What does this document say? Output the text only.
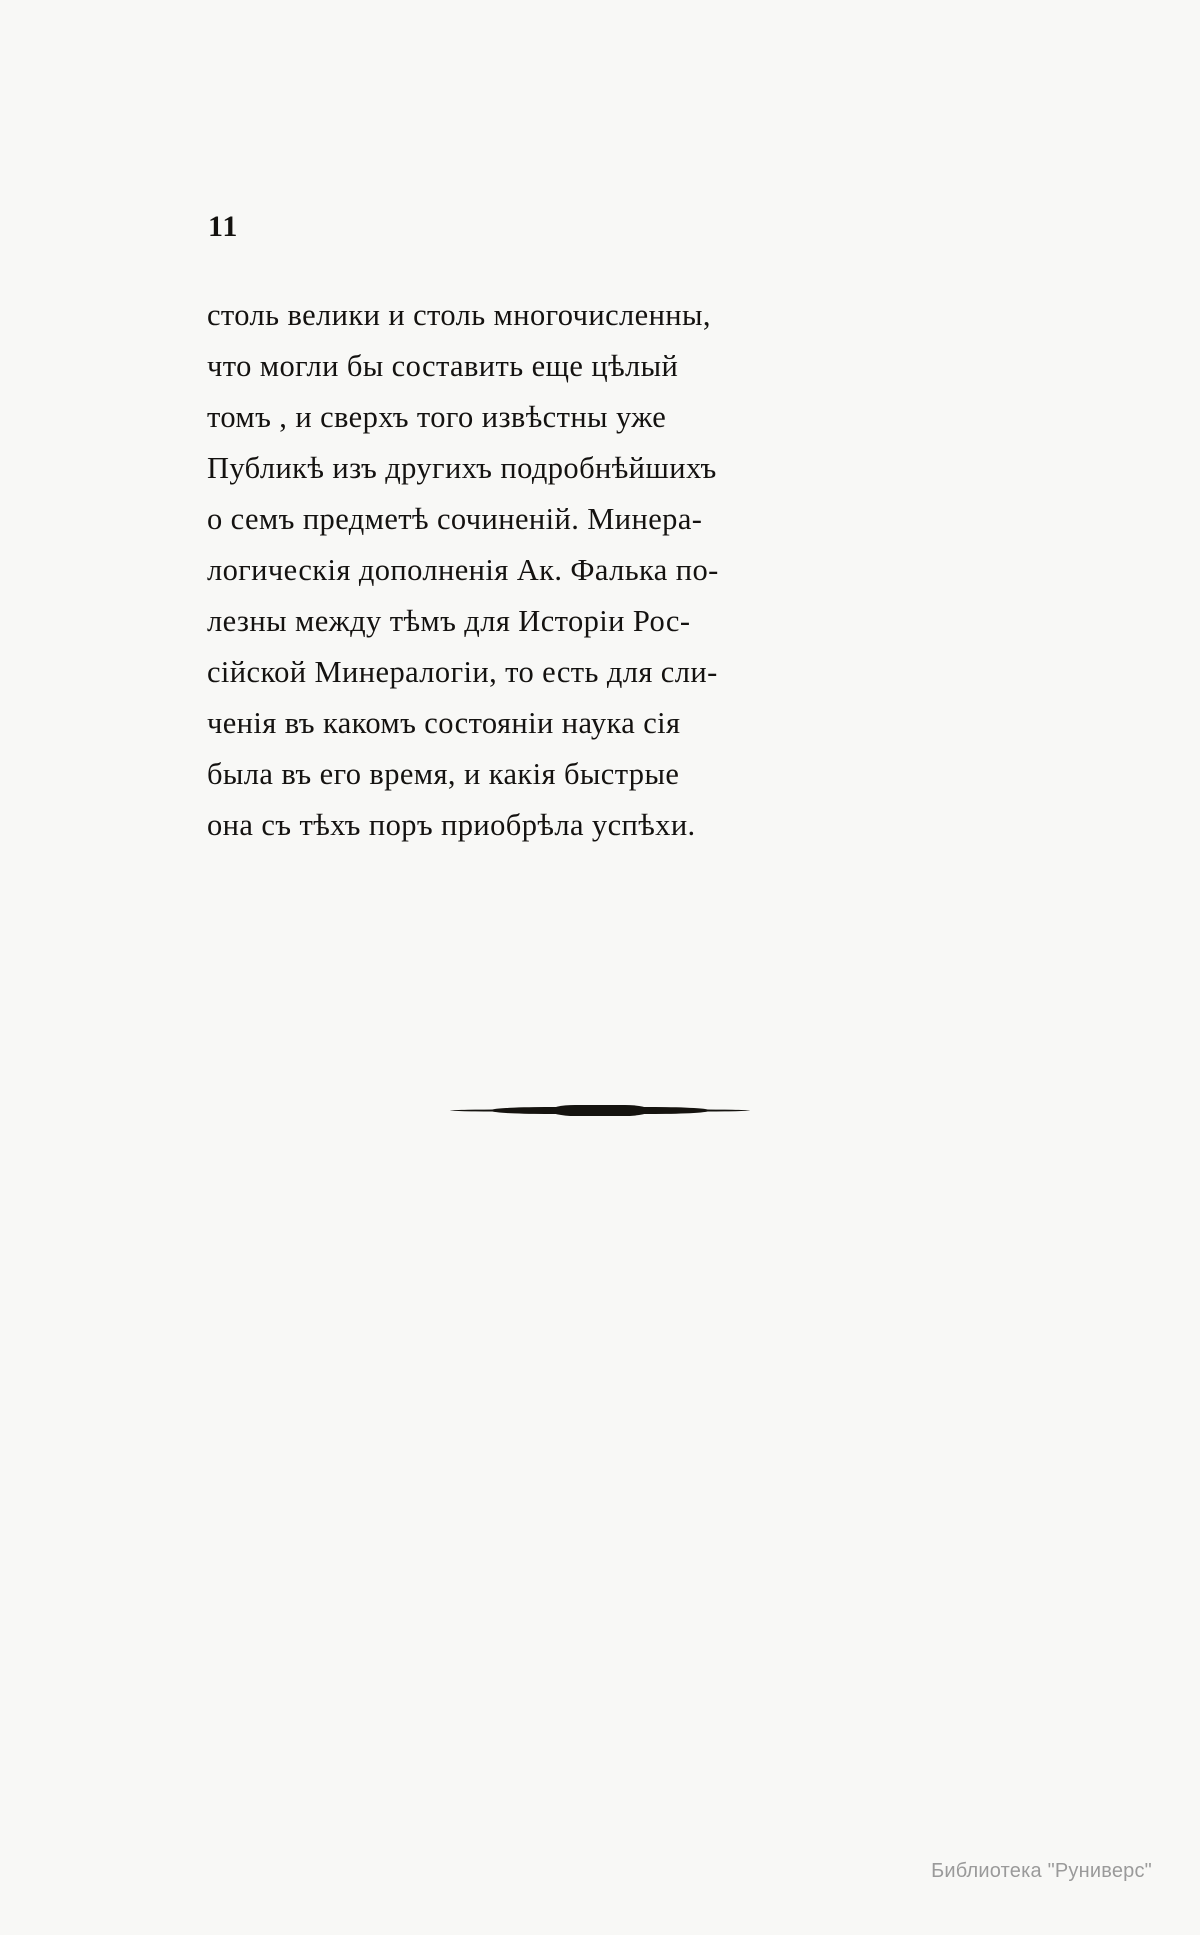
11
столь велики и столь многочисленны,
что могли бы составить еще цѣлый
томъ , и сверхъ того извѣстны уже
Публикѣ изъ другихъ подробнѣйшихъ
о семъ предметѣ сочиненій. Минера-
логическія дополненія Ак. Фалька по-
лезны между тѣмъ для Исторіи Рос-
сійской Минералогіи, то есть для сли-
ченія въ какомъ состояніи наука сія
была въ его время, и какія быстрые
она съ тѣхъ поръ приобрѣла успѣхи.
Библиотека "Руниверс"
